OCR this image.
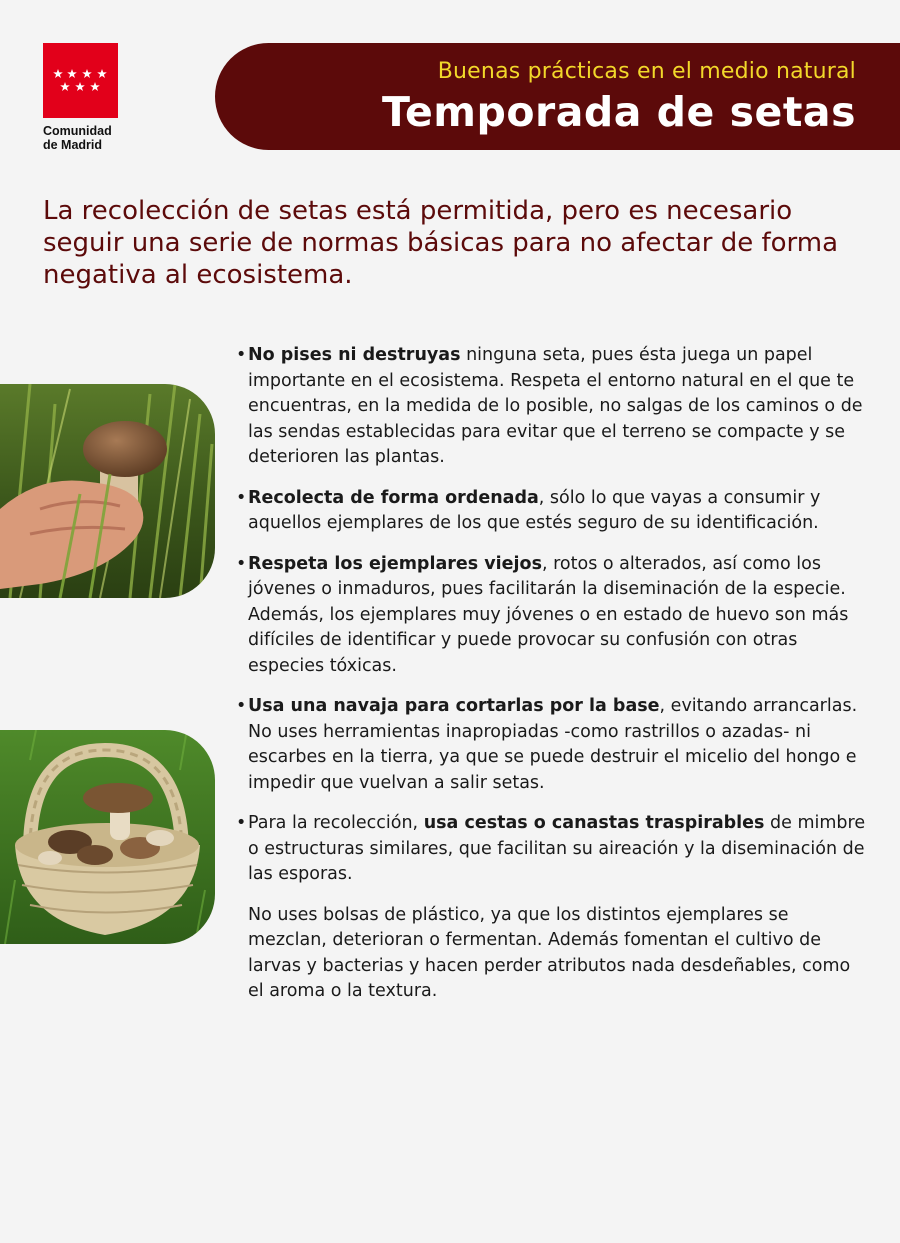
Comunidad
de Madrid
Buenas prácticas en el medio natural
Temporada de setas
La recolección de setas está permitida, pero es necesario seguir una serie de normas básicas para no afectar de forma negativa al ecosistema.
• No pises ni destruyas ninguna seta, pues ésta juega un papel importante en el ecosistema. Respeta el entorno natural en el que te encuentras, en la medida de lo posible, no salgas de los caminos o de las sendas establecidas para evitar que el terreno se compacte y se deterioren las plantas.
• Recolecta de forma ordenada, sólo lo que vayas a consumir y aquellos ejemplares de los que estés seguro de su identificación.
• Respeta los ejemplares viejos, rotos o alterados, así como los jóvenes o inmaduros, pues facilitarán la diseminación de la especie. Además, los ejemplares muy jóvenes o en estado de huevo son más difíciles de identificar y puede provocar su confusión con otras especies tóxicas.
• Usa una navaja para cortarlas por la base, evitando arrancarlas. No uses herramientas inapropiadas -como rastrillos o azadas- ni escarbes en la tierra, ya que se puede destruir el micelio del hongo e impedir que vuelvan a salir setas.
• Para la recolección, usa cestas o canastas traspirables de mimbre o estructuras similares, que facilitan su aireación y la diseminación de las esporas.
No uses bolsas de plástico, ya que los distintos ejemplares se mezclan, deterioran o fermentan. Además fomentan el cultivo de larvas y bacterias y hacen perder atributos nada desdeñables, como el aroma o la textura.
